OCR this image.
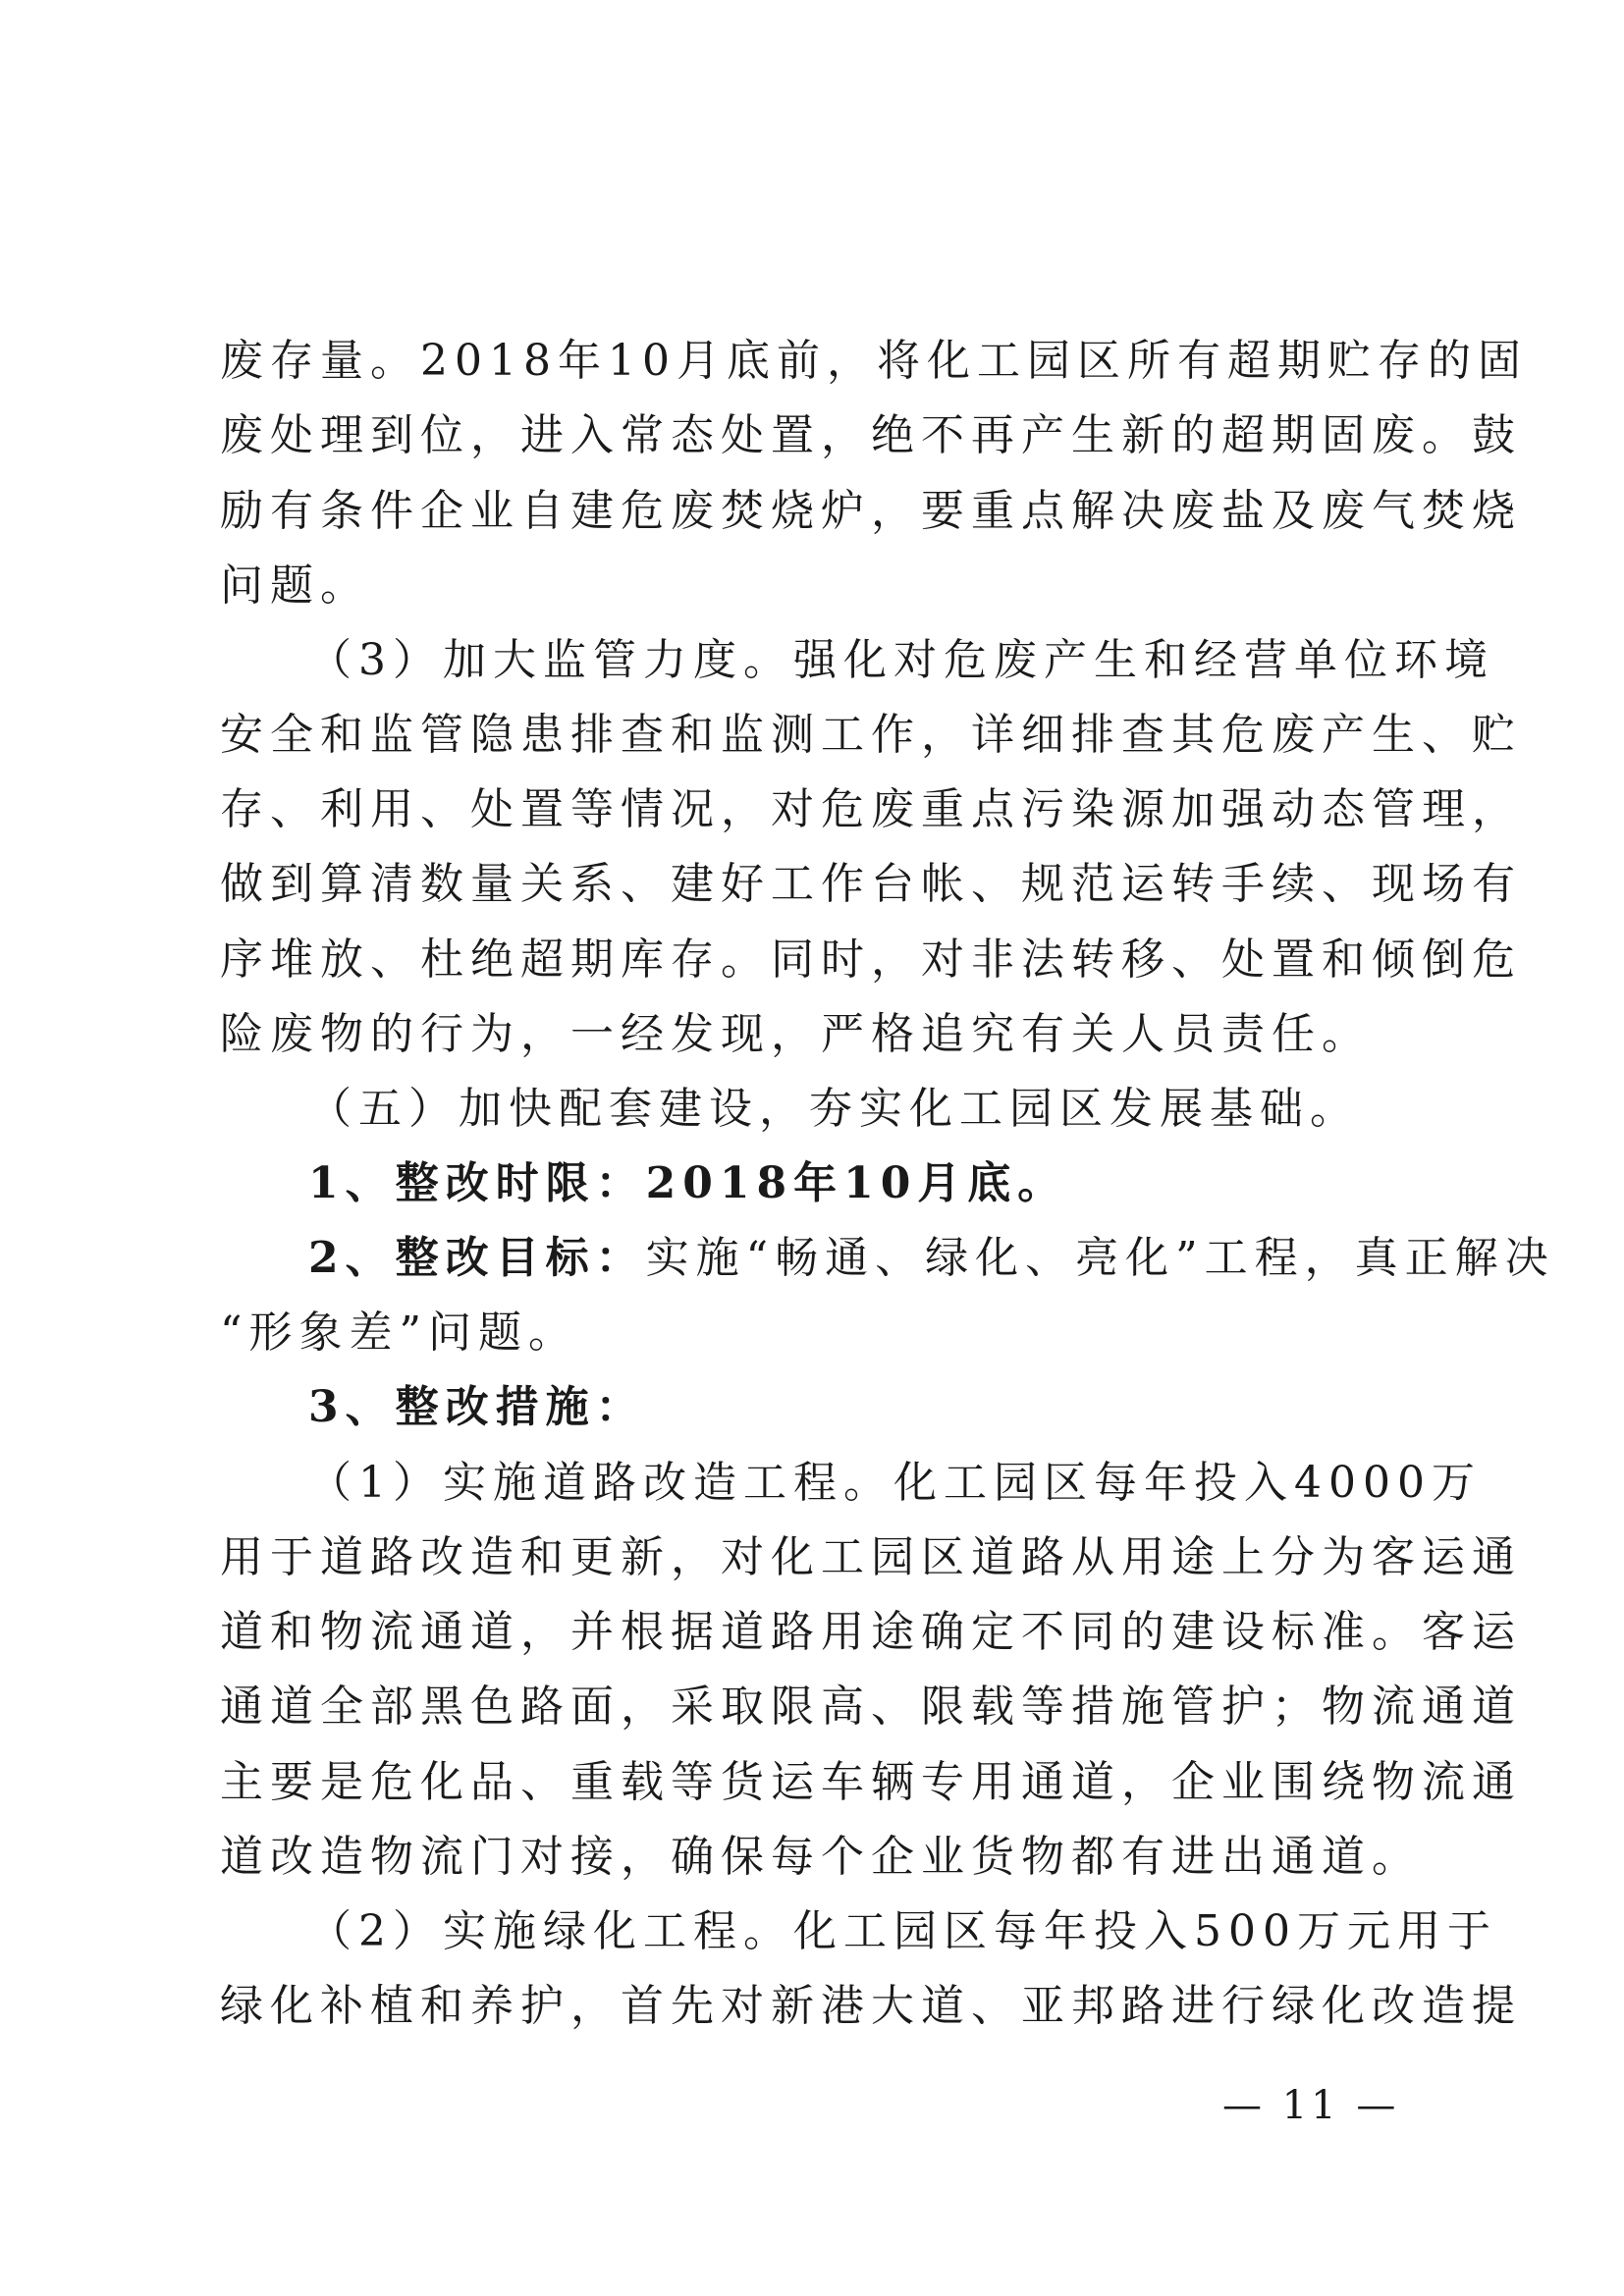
废存量。2018年10月底前，将化工园区所有超期贮存的固
废处理到位，进入常态处置，绝不再产生新的超期固废。鼓
励有条件企业自建危废焚烧炉，要重点解决废盐及废气焚烧
问题。
（3）加大监管力度。强化对危废产生和经营单位环境
安全和监管隐患排查和监测工作，详细排查其危废产生、贮
存、利用、处置等情况，对危废重点污染源加强动态管理，
做到算清数量关系、建好工作台帐、规范运转手续、现场有
序堆放、杜绝超期库存。同时，对非法转移、处置和倾倒危
险废物的行为，一经发现，严格追究有关人员责任。
（五）加快配套建设，夯实化工园区发展基础。
1、整改时限：2018年10月底。
2、整改目标：实施“畅通、绿化、亮化”工程，真正解决
“形象差”问题。
3、整改措施：
（1）实施道路改造工程。化工园区每年投入4000万
用于道路改造和更新，对化工园区道路从用途上分为客运通
道和物流通道，并根据道路用途确定不同的建设标准。客运
通道全部黑色路面，采取限高、限载等措施管护；物流通道
主要是危化品、重载等货运车辆专用通道，企业围绕物流通
道改造物流门对接，确保每个企业货物都有进出通道。
（2）实施绿化工程。化工园区每年投入500万元用于
绿化补植和养护，首先对新港大道、亚邦路进行绿化改造提
— 11 —
